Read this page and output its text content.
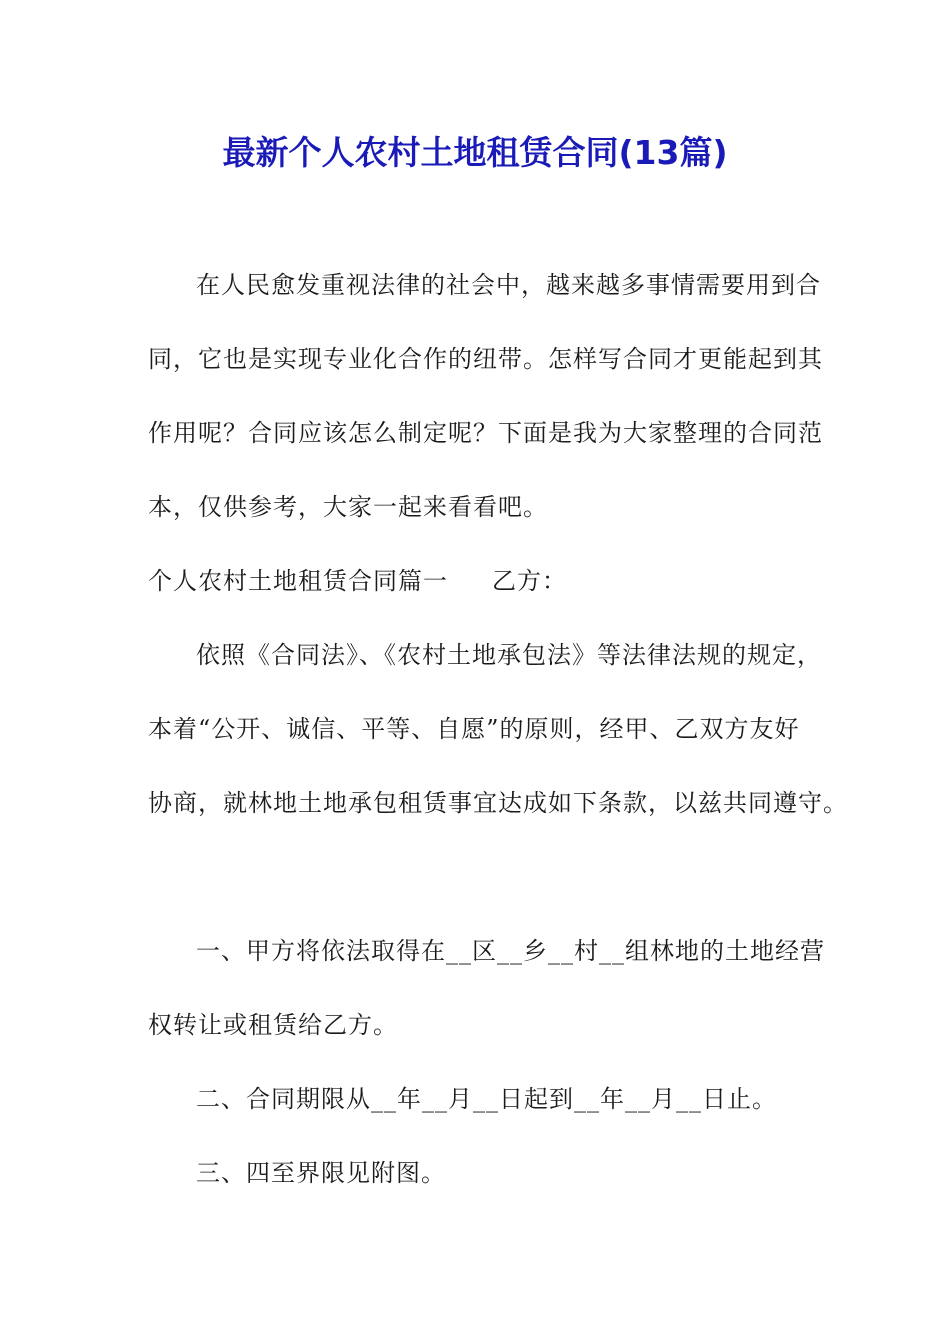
最新个人农村土地租赁合同(13篇)
在人民愈发重视法律的社会中，越来越多事情需要用到合
同，它也是实现专业化合作的纽带。怎样写合同才更能起到其
作用呢？合同应该怎么制定呢？下面是我为大家整理的合同范
本，仅供参考，大家一起来看看吧。
个人农村土地租赁合同篇一 乙方：
依照《合同法》、《农村土地承包法》等法律法规的规定，
本着“公开、诚信、平等、自愿”的原则，经甲、乙双方友好
协商，就林地土地承包租赁事宜达成如下条款，以兹共同遵守。
一、甲方将依法取得在__区__乡__村__组林地的土地经营
权转让或租赁给乙方。
二、合同期限从__年__月__日起到__年__月__日止。
三、四至界限见附图。
